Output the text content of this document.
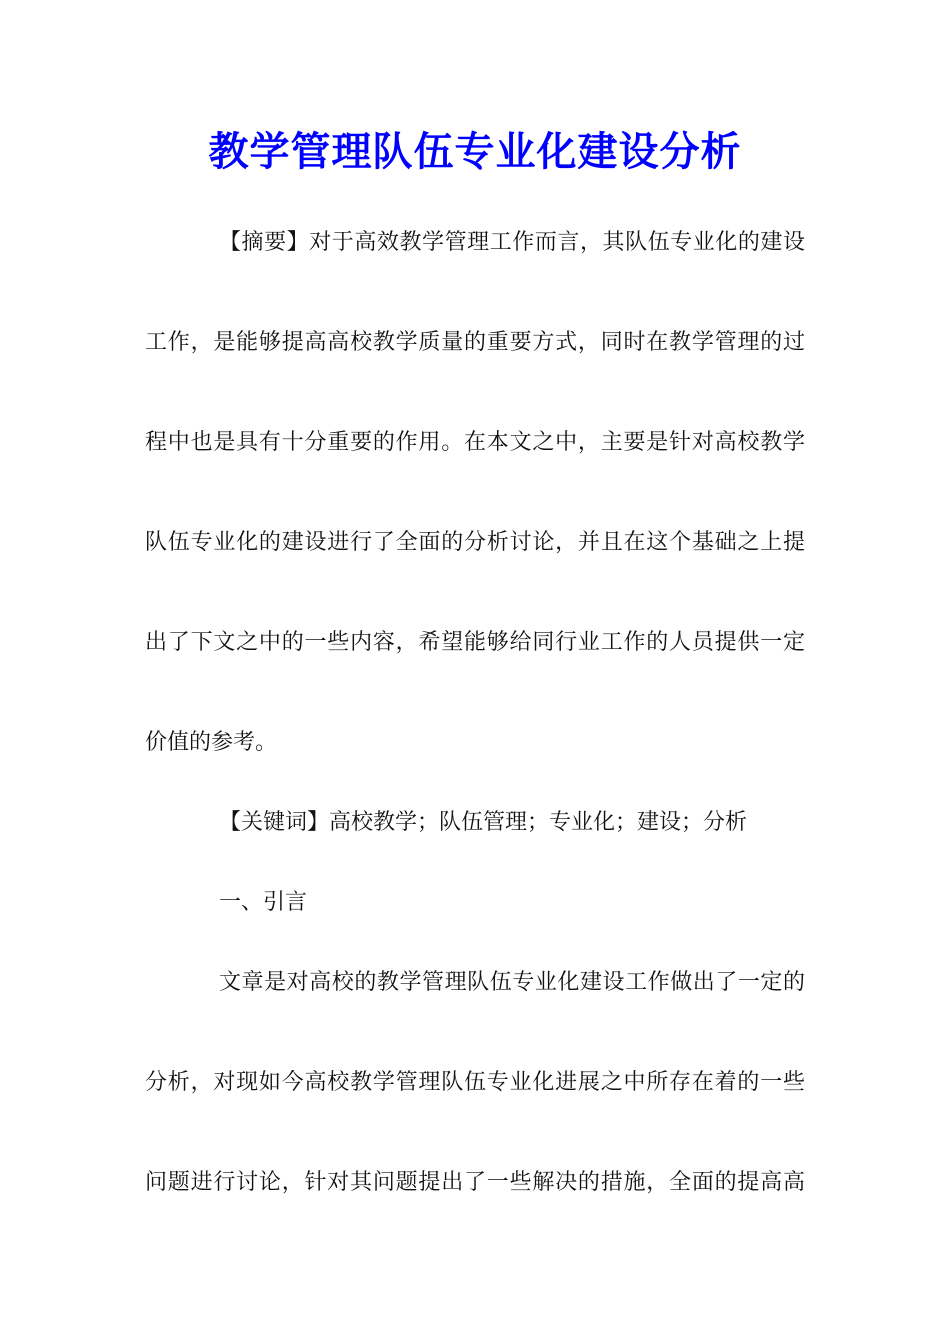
教学管理队伍专业化建设分析
【摘要】对于高效教学管理工作而言，其队伍专业化的建设
工作，是能够提高高校教学质量的重要方式，同时在教学管理的过
程中也是具有十分重要的作用。在本文之中，主要是针对高校教学
队伍专业化的建设进行了全面的分析讨论，并且在这个基础之上提
出了下文之中的一些内容，希望能够给同行业工作的人员提供一定
价值的参考。
【关键词】高校教学；队伍管理；专业化；建设；分析
一、引言
文章是对高校的教学管理队伍专业化建设工作做出了一定的
分析，对现如今高校教学管理队伍专业化进展之中所存在着的一些
问题进行讨论，针对其问题提出了一些解决的措施，全面的提高高
